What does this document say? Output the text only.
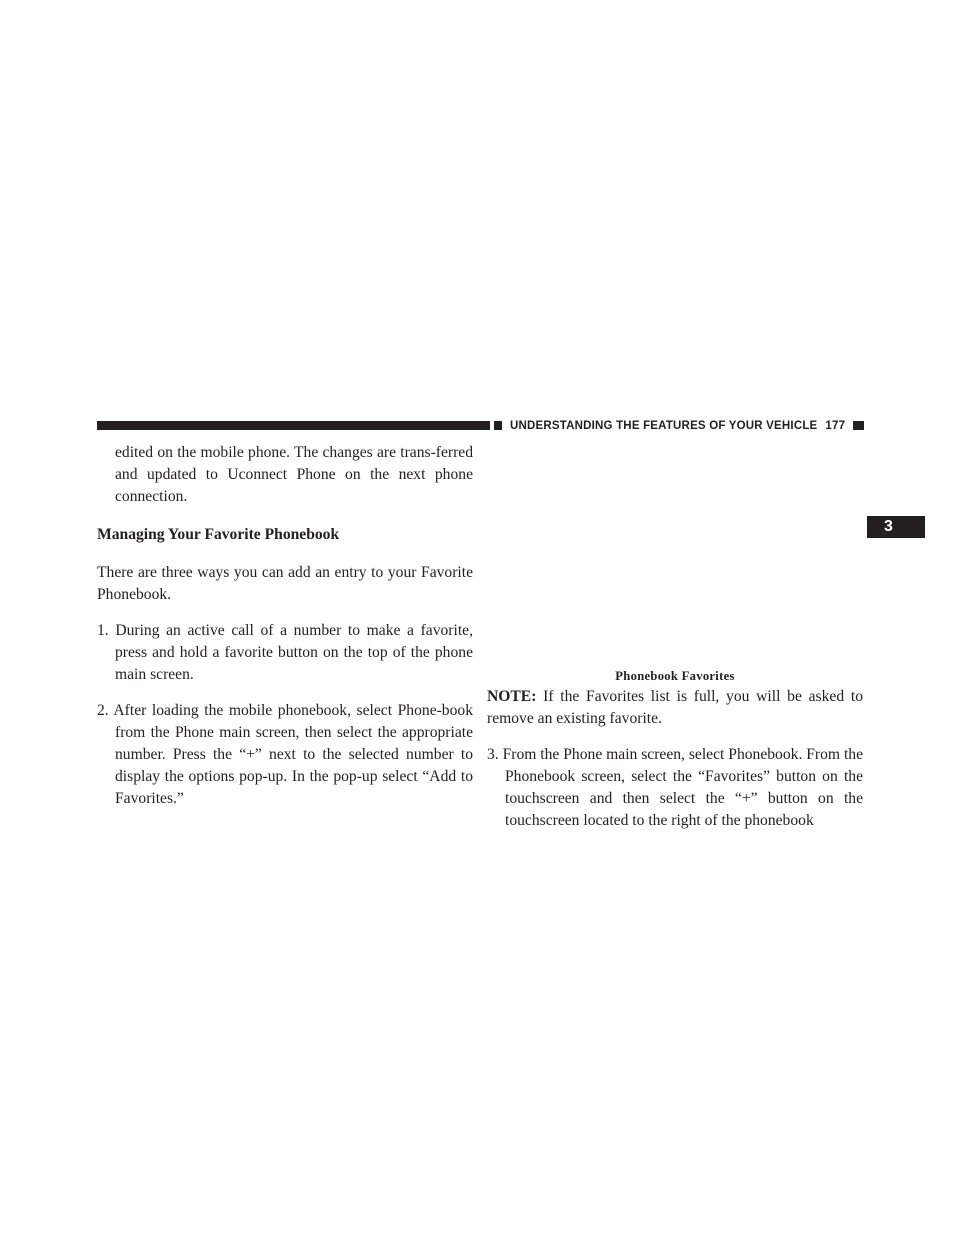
UNDERSTANDING THE FEATURES OF YOUR VEHICLE 177
3

edited on the mobile phone. The changes are trans-ferred and updated to Uconnect Phone on the next phone connection.

Managing Your Favorite Phonebook

There are three ways you can add an entry to your Favorite Phonebook.

1. During an active call of a number to make a favorite, press and hold a favorite button on the top of the phone main screen.
2. After loading the mobile phonebook, select Phone-book from the Phone main screen, then select the appropriate number. Press the “+” next to the selected number to display the options pop-up. In the pop-up select “Add to Favorites.”
Phonebook Favorites

NOTE: If the Favorites list is full, you will be asked to remove an existing favorite.

3. From the Phone main screen, select Phonebook. From the Phonebook screen, select the “Favorites” button on the touchscreen and then select the “+” button on the touchscreen located to the right of the phonebook
